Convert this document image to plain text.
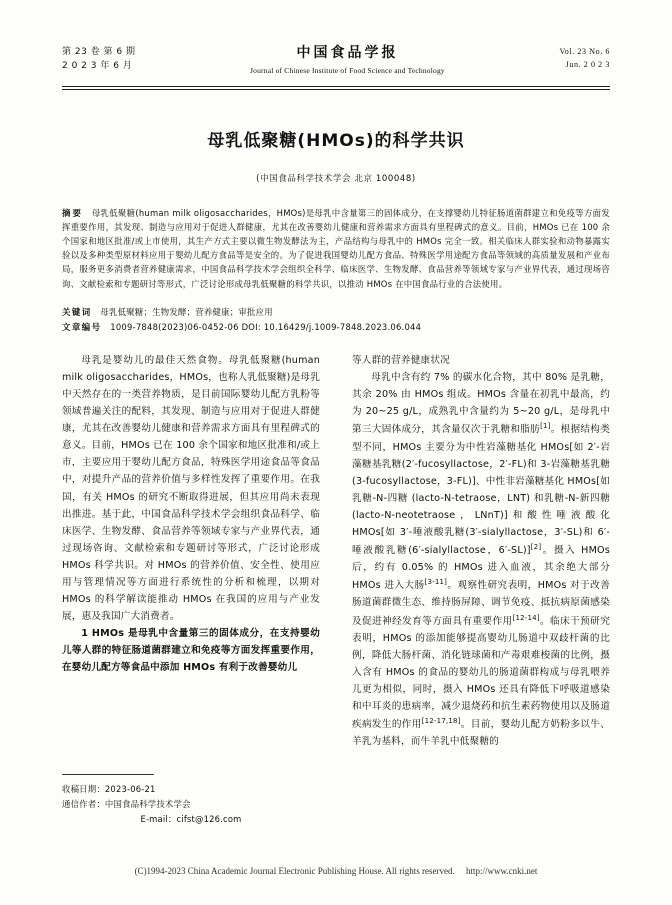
第 23 卷 第 6 期
2 0 2 3 年 6 月
中国食品学报
Journal of Chinese Institute of Food Science and Technology
Vol. 23 No. 6
Jun. 2 0 2 3
母乳低聚糖(HMOs)的科学共识
(中国食品科学技术学会 北京 100048)
摘要 母乳低聚糖(human milk oligosaccharides，HMOs)是母乳中含量第三的固体成分，在支撑婴幼儿特征肠道菌群建立和免疫等方面发挥重要作用，其发现、制造与应用对于促进人群健康，尤其在改善婴幼儿健康和营养需求方面具有里程碑式的意义。目前，HMOs 已在 100 余个国家和地区批准/或上市使用，其生产方式主要以微生物发酵法为主，产品结构与母乳中的 HMOs 完全一致。相关临床人群实验和动物暴露实验以及多种类型原材料应用于婴幼儿配方食品等是安全的。为了促进我国婴幼儿配方食品、特殊医学用途配方食品等领域的高质量发展和产业布局，服务更多消费者营养健康需求，中国食品科学技术学会组织全科学、临床医学、生物发酵、食品营养等领域专家与产业界代表，通过现场咨询、文献检索和专题研讨等形式，广泛讨论形成母乳低聚糖的科学共识，以推动 HMOs 在中国食品行业的合法使用。
关键词 母乳低聚糖；生物发酵；营养健康；审批应用
文章编号 1009-7848(2023)06-0452-06 DOI: 10.16429/j.1009-7848.2023.06.044

母乳是婴幼儿的最佳天然食物。母乳低聚糖(human milk oligosaccharides，HMOs，也称人乳低聚糖)是母乳中天然存在的一类营养物质，是目前国际婴幼儿配方乳粉等领域普遍关注的配料，其发现、制造与应用对于促进人群健康，尤其在改善婴幼儿健康和营养需求方面具有里程碑式的意义。目前，HMOs 已在 100 余个国家和地区批准和/或上市，主要应用于婴幼儿配方食品，特殊医学用途食品等食品中，对提升产品的营养价值与多样性发挥了重要作用。在我国，有关 HMOs 的研究不断取得进展，但其应用尚未表现出推进。基于此，中国食品科学技术学会组织食品科学、临床医学、生物发酵、食品营养等领域专家与产业界代表，通过现场咨询、文献检索和专题研讨等形式，广泛讨论形成 HMOs 科学共识。对 HMOs 的营养价值、安全性、使用应用与管理情况等方面进行系统性的分析和梳理，以期对 HMOs 的科学解读能推动 HMOs 在我国的应用与产业发展，惠及我国广大消费者。

1 HMOs 是母乳中含量第三的固体成分，在支持婴幼儿等人群的特征肠道菌群建立和免疫等方面发挥重要作用，在婴幼儿配方等食品中添加 HMOs 有利于改善婴幼儿

等人群的营养健康状况

母乳中含有约 7% 的碳水化合物，其中 80% 是乳糖，其余 20% 由 HMOs 组成。HMOs 含量在初乳中最高，约为 20~25 g/L，成熟乳中含量约为 5~20 g/L，是母乳中第三大固体成分，其含量仅次于乳糖和脂肪[1]。根据结构类型不同，HMOs 主要分为中性岩藻糖基化 HMOs[如 2′-岩藻糖基乳糖(2′-fucosyllactose，2′-FL)和 3-岩藻糖基乳糖(3-fucosyllactose，3-FL)]、中性非岩藻糖基化 HMOs[如乳糖-N-四糖 (lacto-N-tetraose，LNT) 和乳糖-N-新四糖(lacto-N-neotetraose，LNnT)]和酸性唾液酸化 HMOs[如 3′-唾液酸乳糖(3′-sialyllactose，3′-SL)和 6′-唾液酸乳糖(6′-sialyllactose，6′-SL)][2]。摄入 HMOs 后，约有 0.05% 的 HMOs 进入血液，其余绝大部分 HMOs 进入大肠[3-11]。观察性研究表明，HMOs 对于改善肠道菌群微生态、维持肠屏障、调节免疫、抵抗病原菌感染及促进神经发育等方面具有重要作用[12-14]。临床干预研究表明，HMOs 的添加能够提高婴幼儿肠道中双歧杆菌的比例，降低大肠杆菌、消化链球菌和产毒艰难梭菌的比例，摄入含有 HMOs 的食品的婴幼儿的肠道菌群构成与母乳喂养儿更为相似，同时，摄入 HMOs 还具有降低下呼吸道感染和中耳炎的患病率，减少退烧药和抗生素药物使用以及肠道疾病发生的作用[12-17,18]。目前，婴幼儿配方奶粉多以牛、羊乳为基料，而牛羊乳中低聚糖的

收稿日期：2023-06-21
通信作者：中国食品科学技术学会
E-mail：cifst@126.com
(C)1994-2023 China Academic Journal Electronic Publishing House. All rights reserved. http://www.cnki.net
